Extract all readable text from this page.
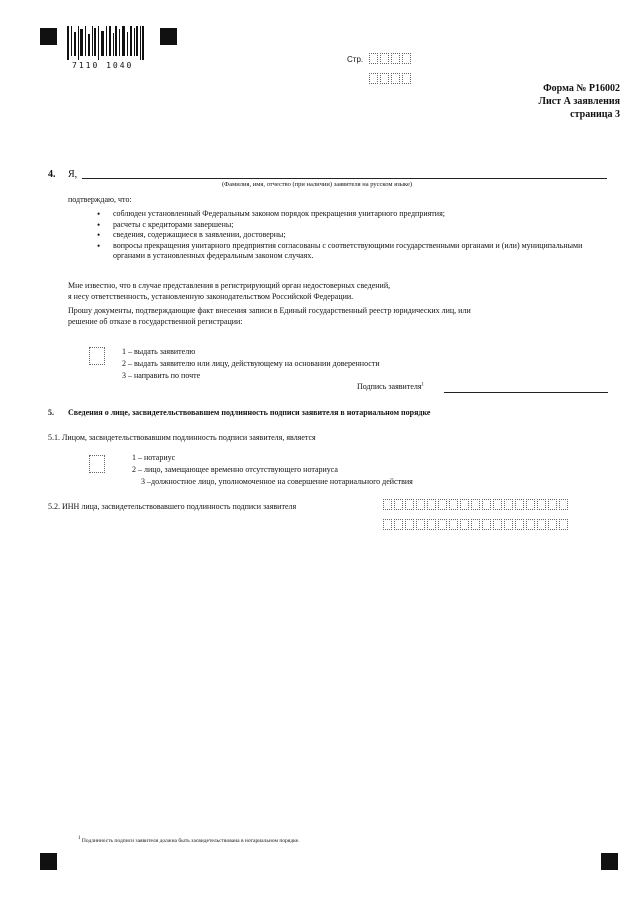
7110 1040
Стр.
Форма № Р16002
Лист А заявления
страница 3
4. Я,
(Фамилия, имя, отчество (при наличии) заявителя на русском языке)
подтверждаю, что:
• соблюден установленный Федеральным законом порядок прекращения унитарного предприятия;
• расчеты с кредиторами завершены;
• сведения, содержащиеся в заявлении, достоверны;
• вопросы прекращения унитарного предприятия согласованы с соответствующими государственными органами и (или) муниципальными органами в установленных федеральным законом случаях.
Мне известно, что в случае представления в регистрирующий орган недостоверных сведений,
я несу ответственность, установленную законодательством Российской Федерации.
Прошу документы, подтверждающие факт внесения записи в Единый государственный реестр юридических лиц, или
решение об отказе в государственной регистрации:
1 – выдать заявителю
2 – выдать заявителю или лицу, действующему на основании доверенности
3 – направить по почте
Подпись заявителя$^1$
5. Сведения о лице, засвидетельствовавшем подлинность подписи заявителя в нотариальном порядке
5.1. Лицом, засвидетельствовавшим подлинность подписи заявителя, является
1 – нотариус
2 – лицо, замещающее временно отсутствующего нотариуса
3 –должностное лицо, уполномоченное на совершение нотариального действия
5.2. ИНН лица, засвидетельствовавшего подлинность подписи заявителя
$^1$ Подлинность подписи заявителя должна быть засвидетельствована в нотариальном порядке.
